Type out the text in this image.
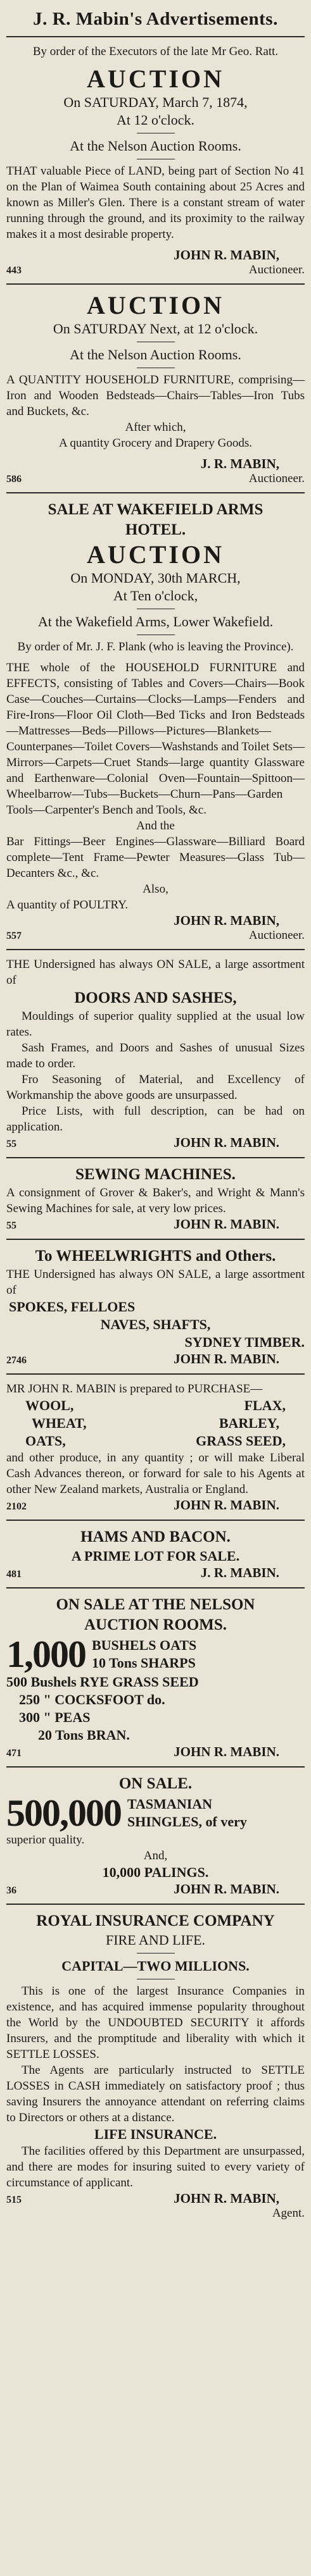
J. R. Mabin's Advertisements.
By order of the Executors of the late Mr Geo. Ratt.
AUCTION
On SATURDAY, March 7, 1874,
At 12 o'clock.
At the Nelson Auction Rooms.
THAT valuable Piece of LAND, being part of Section No 41 on the Plan of Waimea South containing about 25 Acres and known as Miller's Glen. There is a constant stream of water running through the ground, and its proximity to the railway makes it a most desirable property.
JOHN R. MABIN,
443	Auctioneer.
AUCTION
On SATURDAY Next, at 12 o'clock.
At the Nelson Auction Rooms.
A QUANTITY HOUSEHOLD FURNITURE, comprising—Iron and Wooden Bedsteads—Chairs—Tables—Iron Tubs and Buckets, &c.
After which,
A quantity Grocery and Drapery Goods.
J. R. MABIN,
586	Auctioneer.
SALE AT WAKEFIELD ARMS
HOTEL.
AUCTION
On MONDAY, 30th MARCH,
At Ten o'clock,
At the Wakefield Arms, Lower Wakefield.
By order of Mr. J. F. Plank (who is leaving the Province).
THE whole of the HOUSEHOLD FURNITURE and EFFECTS, consisting of Tables and Covers—Chairs—Book Case—Couches—Curtains—Clocks—Lamps—Fenders and Fire-Irons—Floor Oil Cloth—Bed Ticks and Iron Bedsteads—Mattresses—Beds—Pillows—Pictures—Blankets—Counterpanes—Toilet Covers—Washstands and Toilet Sets—Mirrors—Carpets—Cruet Stands—large quantity Glassware and Earthenware—Colonial Oven—Fountain—Spittoon—Wheelbarrow—Tubs—Buckets—Churn—Pans—Garden Tools—Carpenter's Bench and Tools, &c.
And the
Bar Fittings—Beer Engines—Glassware—Billiard Board complete—Tent Frame—Pewter Measures—Glass Tub—Decanters &c., &c.
Also,
A quantity of POULTRY.
JOHN R. MABIN,
557	Auctioneer.
THE Undersigned has always ON SALE, a large assortment of
DOORS AND SASHES,
Mouldings of superior quality supplied at the usual low rates.
Sash Frames, and Doors and Sashes of unusual Sizes made to order.
Fro Seasoning of Material, and Excellency of Workmanship the above goods are unsurpassed.
Price Lists, with full description, can be had on application.
55	JOHN R. MABIN.
SEWING MACHINES.
A consignment of Grover & Baker's, and Wright & Mann's Sewing Machines for sale, at very low prices.
55	JOHN R. MABIN.
To WHEELWRIGHTS and Others.
THE Undersigned has always ON SALE, a large assortment of
SPOKES, FELLOES
NAVES, SHAFTS,
SYDNEY TIMBER.
2746	JOHN R. MABIN.
MR JOHN R. MABIN is prepared to PURCHASE—
WOOL,	FLAX,
WHEAT,	BARLEY,
OATS,	GRASS SEED,
and other produce, in any quantity ; or will make Liberal Cash Advances thereon, or forward for sale to his Agents at other New Zealand markets, Australia or England.
2102	JOHN R. MABIN.
HAMS AND BACON.
A PRIME LOT FOR SALE.
481	J. R. MABIN.
ON SALE AT THE NELSON
AUCTION ROOMS.
1,000 BUSHELS OATS
10 Tons SHARPS
500 Bushels RYE GRASS SEED
250 " COCKSFOOT do.
300 " PEAS
20 Tons BRAN.
471	JOHN R. MABIN.
ON SALE.
500,000 TASMANIAN
SHINGLES, of very
superior quality.
And,
10,000 PALINGS.
36	JOHN R. MABIN.
ROYAL INSURANCE COMPANY
FIRE AND LIFE.
CAPITAL—TWO MILLIONS.
This is one of the largest Insurance Companies in existence, and has acquired immense popularity throughout the World by the UNDOUBTED SECURITY it affords Insurers, and the promptitude and liberality with which it SETTLE LOSSES.
The Agents are particularly instructed to SETTLE LOSSES in CASH immediately on satisfactory proof ; thus saving Insurers the annoyance attendant on referring claims to Directors or others at a distance.
LIFE INSURANCE.
The facilities offered by this Department are unsurpassed, and there are modes for insuring suited to every variety of circumstance of applicant.
515	JOHN R. MABIN,
Agent.
